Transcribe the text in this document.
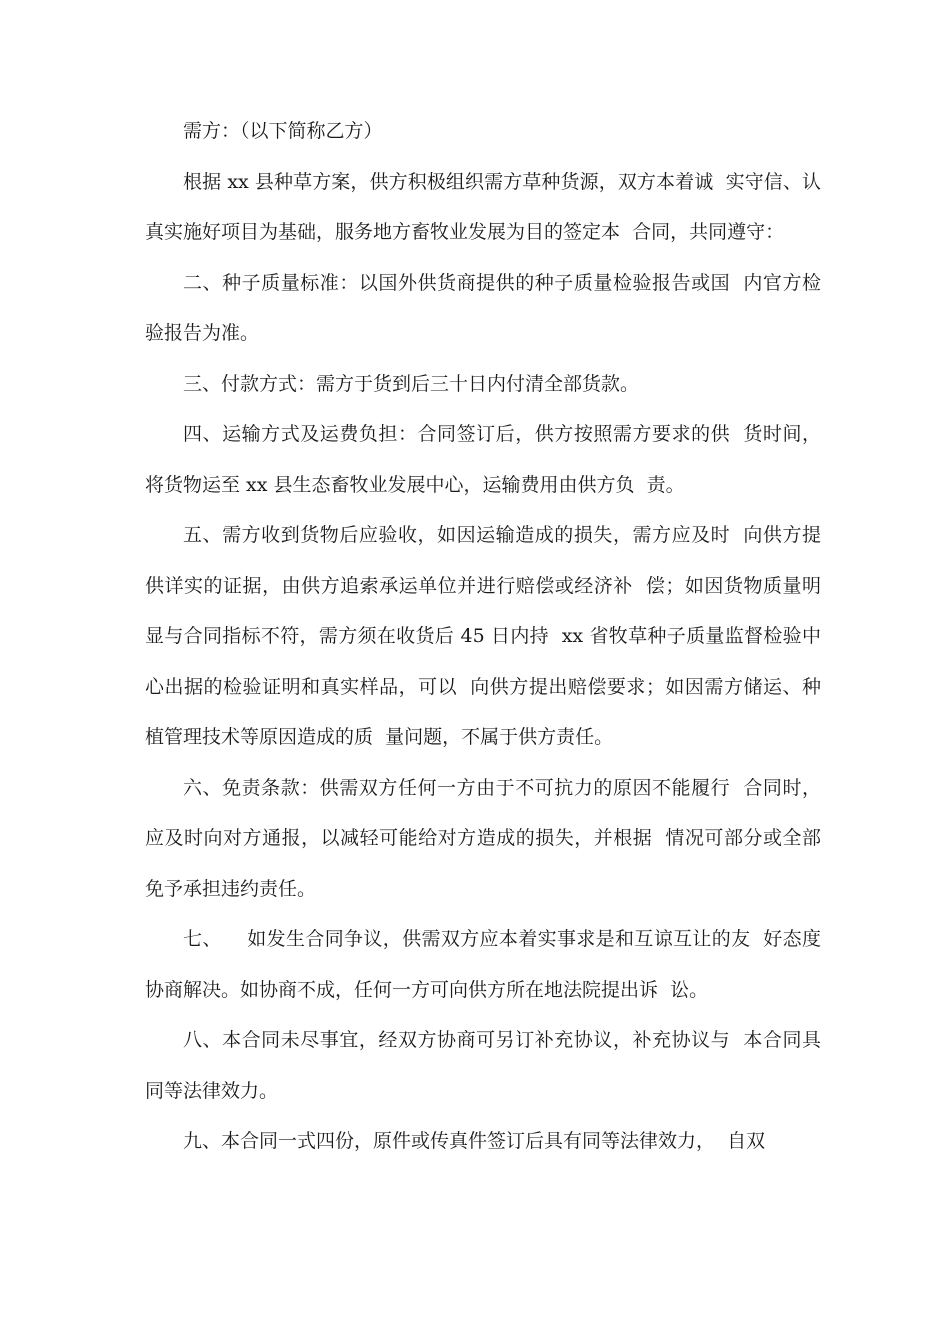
需方：（以下简称乙方）

根据 xx 县种草方案，供方积极组织需方草种货源，双方本着诚  实守信、认真实施好项目为基础，服务地方畜牧业发展为目的签定本  合同，共同遵守：

二、种子质量标准：以国外供货商提供的种子质量检验报告或国  内官方检验报告为准。

三、付款方式：需方于货到后三十日内付清全部货款。

四、运输方式及运费负担：合同签订后，供方按照需方要求的供  货时间，将货物运至 xx 县生态畜牧业发展中心，运输费用由供方负  责。

五、需方收到货物后应验收，如因运输造成的损失，需方应及时  向供方提供详实的证据，由供方追索承运单位并进行赔偿或经济补  偿；如因货物质量明显与合同指标不符，需方须在收货后 45 日内持  xx 省牧草种子质量监督检验中心出据的检验证明和真实样品，可以  向供方提出赔偿要求；如因需方储运、种植管理技术等原因造成的质  量问题，不属于供方责任。

六、免责条款：供需双方任何一方由于不可抗力的原因不能履行  合同时，应及时向对方通报，以减轻可能给对方造成的损失，并根据  情况可部分或全部免予承担违约责任。

七、    如发生合同争议，供需双方应本着实事求是和互谅互让的友  好态度协商解决。如协商不成，任何一方可向供方所在地法院提出诉  讼。

八、本合同未尽事宜，经双方协商可另订补充协议，补充协议与  本合同具同等法律效力。

九、本合同一式四份，原件或传真件签订后具有同等法律效力，  自双
